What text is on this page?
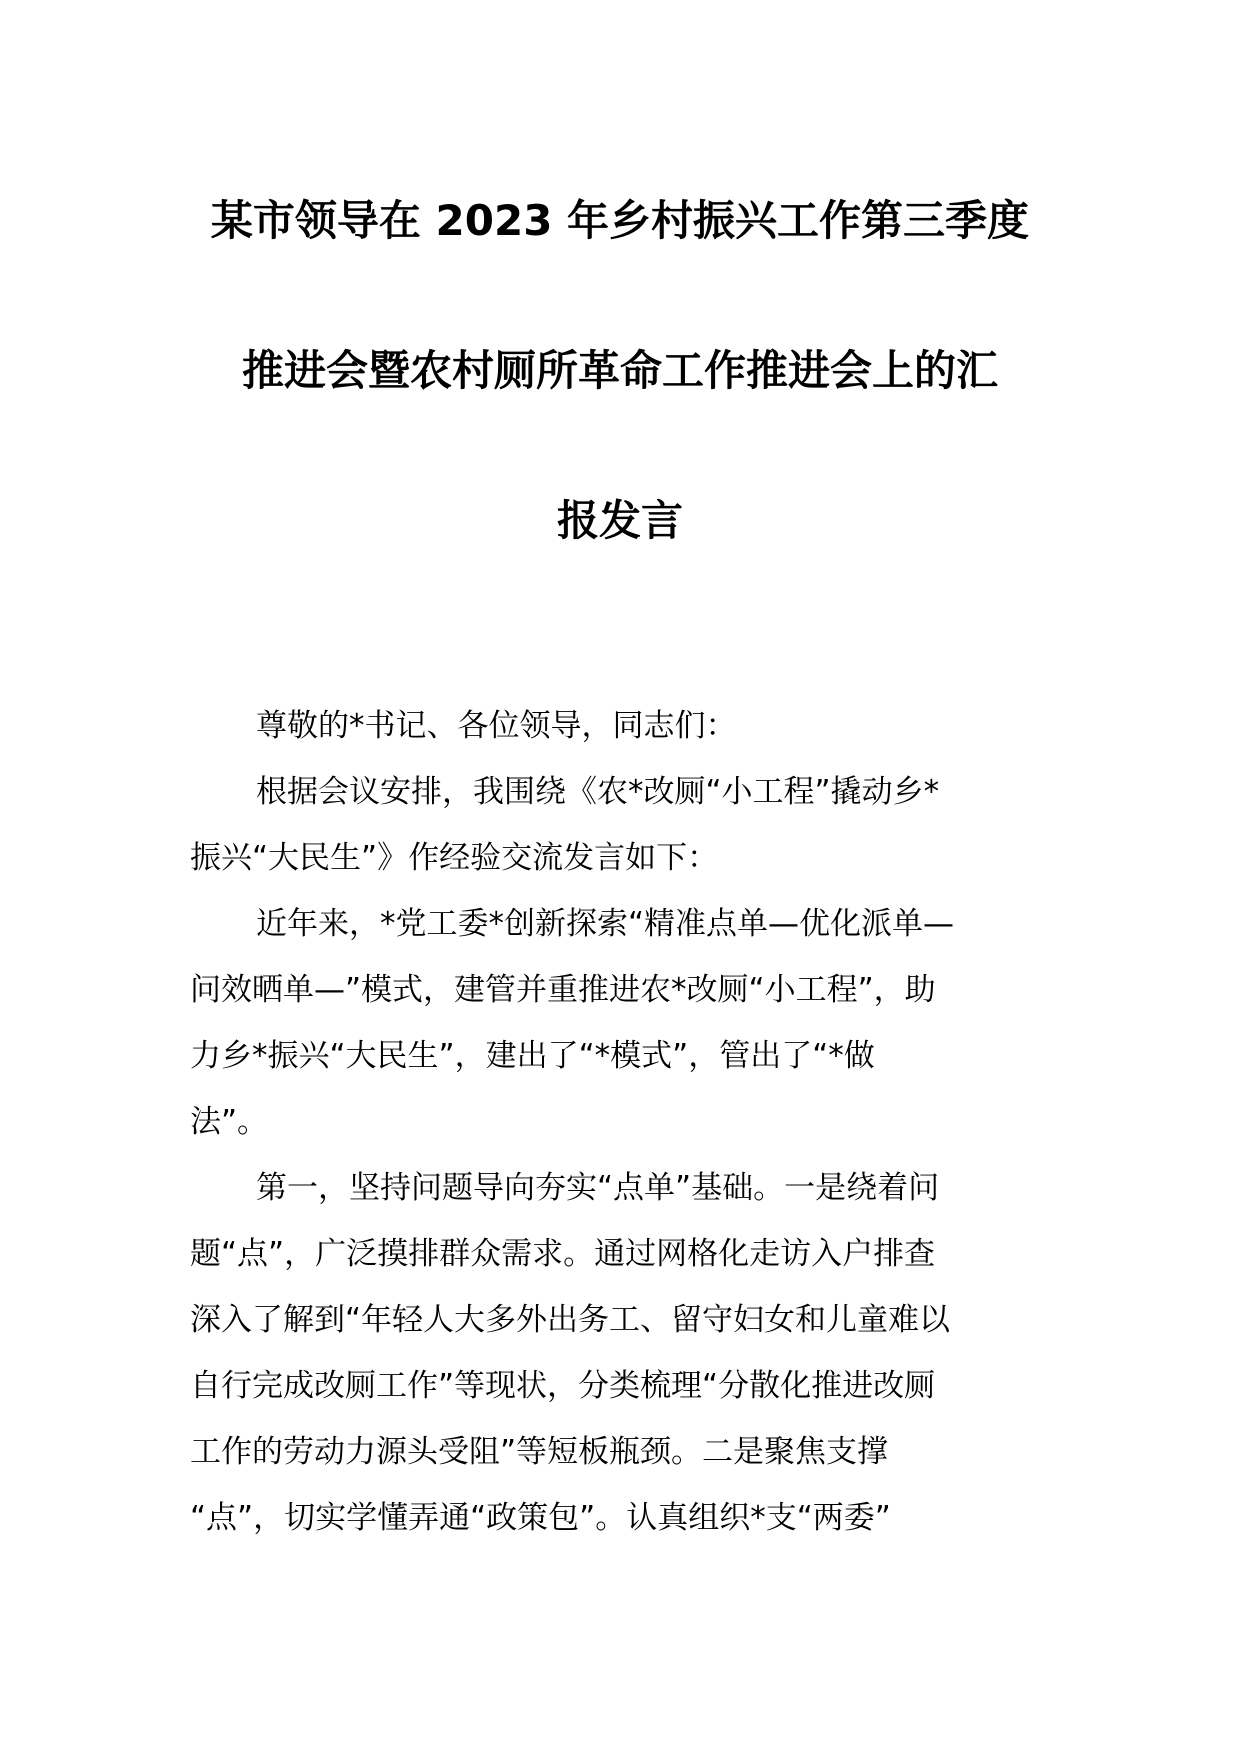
某市领导在 2023 年乡村振兴工作第三季度
推进会暨农村厕所革命工作推进会上的汇
报发言
尊敬的*书记、各位领导，同志们：
根据会议安排，我围绕《农*改厕“小工程”撬动乡*
振兴“大民生”》作经验交流发言如下：
近年来，*党工委*创新探索“精准点单—优化派单—
问效晒单—”模式，建管并重推进农*改厕“小工程”，助
力乡*振兴“大民生”，建出了“*模式”，管出了“*做
法”。
第一，坚持问题导向夯实“点单”基础。一是绕着问
题“点”，广泛摸排群众需求。通过网格化走访入户排查
深入了解到“年轻人大多外出务工、留守妇女和儿童难以
自行完成改厕工作”等现状，分类梳理“分散化推进改厕
工作的劳动力源头受阻”等短板瓶颈。二是聚焦支撑
“点”，切实学懂弄通“政策包”。认真组织*支“两委”
